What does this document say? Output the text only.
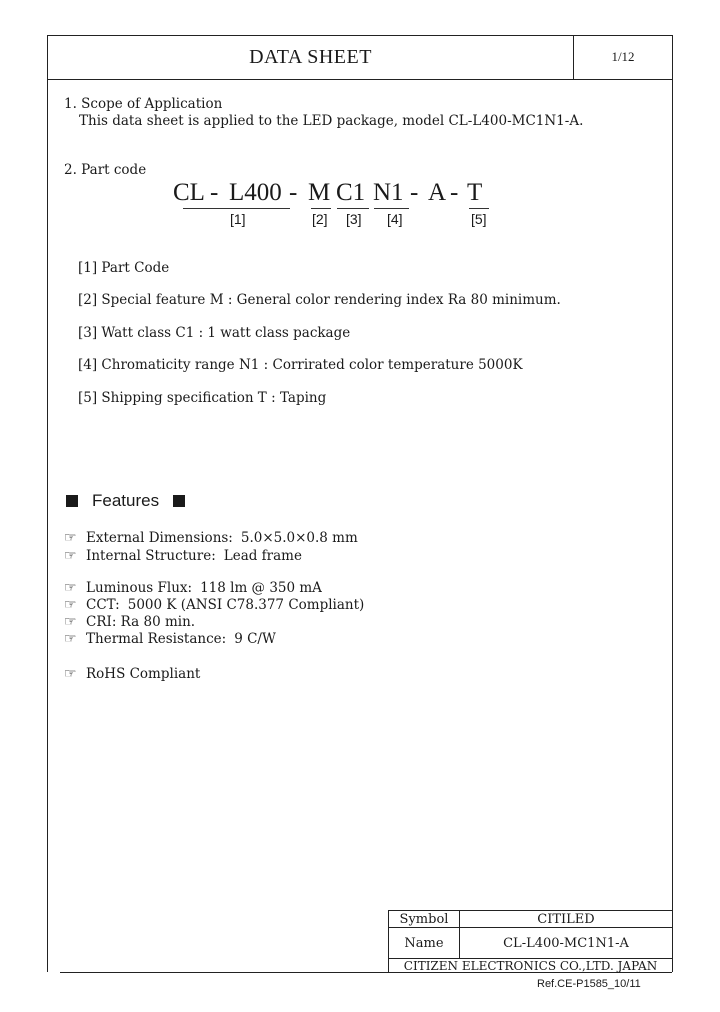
DATA SHEET	1/12
1. Scope of Application
This data sheet is applied to the LED package, model CL-L400-MC1N1-A.
2. Part code
CL - L400 - M C1 N1 - A - T
[1]	[2] [3] [4]	[5]
[1] Part Code
[2] Special feature M : General color rendering index Ra 80 minimum.
[3] Watt class C1 : 1 watt class package
[4] Chromaticity range N1 : Corrirated color temperature 5000K
[5] Shipping specification T : Taping
Features
☞ External Dimensions: 5.0×5.0×0.8 mm
☞ Internal Structure: Lead frame
☞ Luminous Flux: 118 lm @ 350 mA
☞ CCT: 5000 K (ANSI C78.377 Compliant)
☞ CRI: Ra 80 min.
☞ Thermal Resistance: 9 C/W
☞ RoHS Compliant
Symbol	CITILED
Name	CL-L400-MC1N1-A
CITIZEN ELECTRONICS CO.,LTD. JAPAN
Ref.CE-P1585_10/11
